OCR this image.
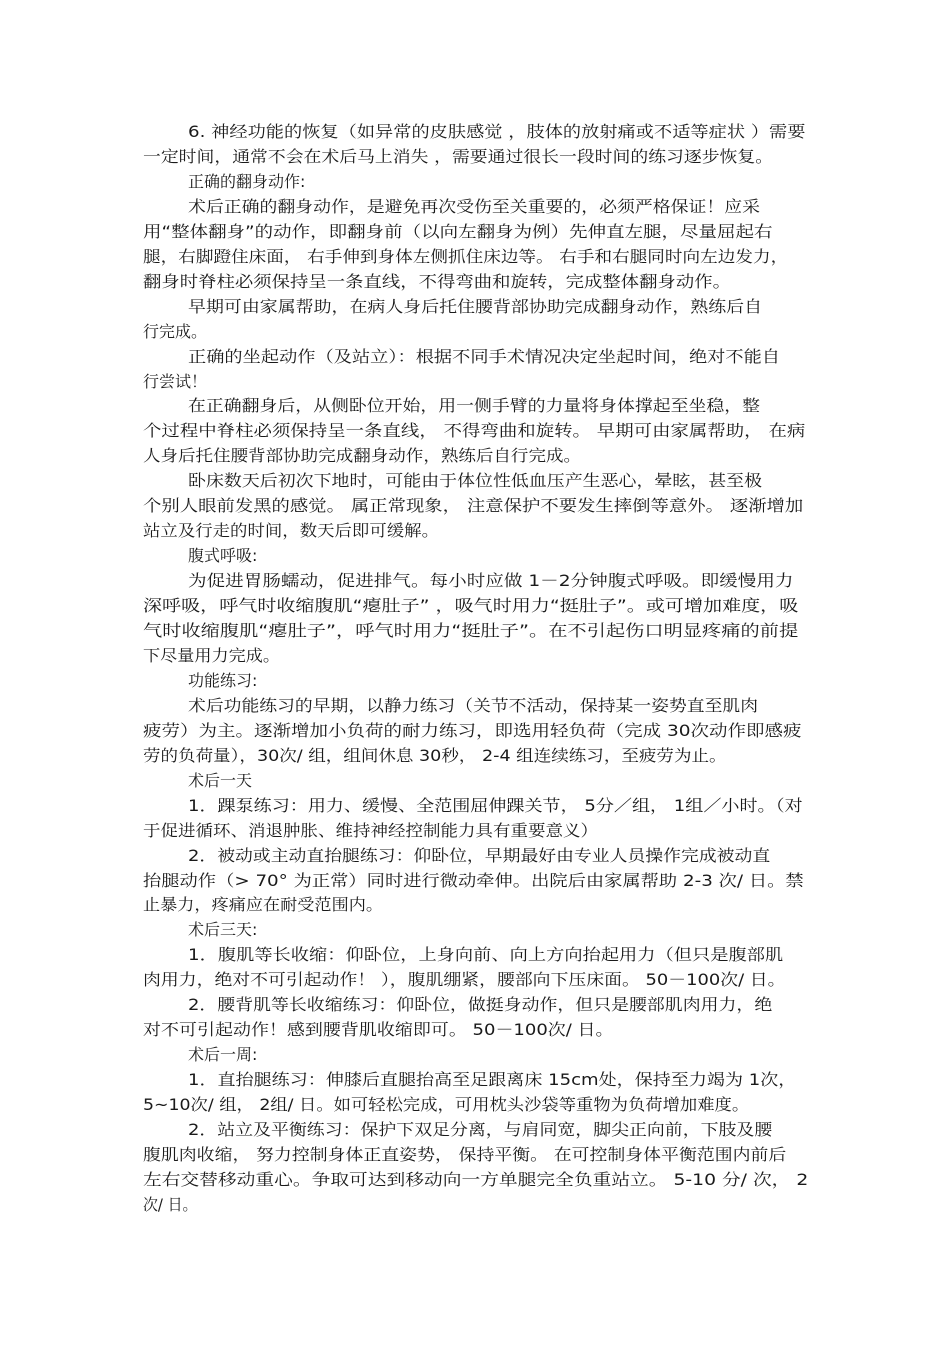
6. 神经功能的恢复（如异常的皮肤感觉 ，肢体的放射痛或不适等症状 ）需要
一定时间，通常不会在术后马上消失 ，需要通过很长一段时间的练习逐步恢复。
正确的翻身动作:
术后正确的翻身动作，是避免再次受伤至关重要的，必须严格保证！应采
用“整体翻身”的动作，即翻身前（以向左翻身为例）先伸直左腿，尽量屈起右
腿，右脚蹬住床面， 右手伸到身体左侧抓住床边等。 右手和右腿同时向左边发力，
翻身时脊柱必须保持呈一条直线，不得弯曲和旋转，完成整体翻身动作。
早期可由家属帮助，在病人身后托住腰背部协助完成翻身动作，熟练后自
行完成。
正确的坐起动作（及站立）：根据不同手术情况决定坐起时间，绝对不能自
行尝试！
在正确翻身后，从侧卧位开始，用一侧手臂的力量将身体撑起至坐稳，整
个过程中脊柱必须保持呈一条直线， 不得弯曲和旋转。 早期可由家属帮助， 在病
人身后托住腰背部协助完成翻身动作，熟练后自行完成。
卧床数天后初次下地时，可能由于体位性低血压产生恶心，晕眩，甚至极
个别人眼前发黑的感觉。 属正常现象， 注意保护不要发生摔倒等意外。 逐渐增加
站立及行走的时间，数天后即可缓解。
腹式呼吸:
为促进胃肠蠕动，促进排气。每小时应做 1－2分钟腹式呼吸。即缓慢用力
深呼吸，呼气时收缩腹肌“瘪肚子” ，吸气时用力“挺肚子”。或可增加难度，吸
气时收缩腹肌“瘪肚子”，呼气时用力“挺肚子”。在不引起伤口明显疼痛的前提
下尽量用力完成。
功能练习:
术后功能练习的早期，以静力练习（关节不活动，保持某一姿势直至肌肉
疲劳）为主。逐渐增加小负荷的耐力练习，即选用轻负荷（完成 30次动作即感疲
劳的负荷量），30次/ 组，组间休息 30秒， 2-4 组连续练习，至疲劳为止。
术后一天
1．踝泵练习：用力、缓慢、全范围屈伸踝关节， 5分／组， 1组／小时。（对
于促进循环、消退肿胀、维持神经控制能力具有重要意义）
2．被动或主动直抬腿练习：仰卧位，早期最好由专业人员操作完成被动直
抬腿动作（> 70° 为正常）同时进行微动牵伸。出院后由家属帮助 2-3 次/ 日。禁
止暴力，疼痛应在耐受范围内。
术后三天:
1．腹肌等长收缩：仰卧位，上身向前、向上方向抬起用力（但只是腹部肌
肉用力，绝对不可引起动作！ ），腹肌绷紧，腰部向下压床面。 50－100次/ 日。
2．腰背肌等长收缩练习：仰卧位，做挺身动作，但只是腰部肌肉用力，绝
对不可引起动作！感到腰背肌收缩即可。 50－100次/ 日。
术后一周:
1．直抬腿练习：伸膝后直腿抬高至足跟离床 15cm处，保持至力竭为 1次，
5~10次/ 组， 2组/ 日。如可轻松完成，可用枕头沙袋等重物为负荷增加难度。
2．站立及平衡练习：保护下双足分离，与肩同宽，脚尖正向前，下肢及腰
腹肌肉收缩， 努力控制身体正直姿势， 保持平衡。 在可控制身体平衡范围内前后
左右交替移动重心。争取可达到移动向一方单腿完全负重站立。 5-10 分/ 次， 2
次/ 日。
